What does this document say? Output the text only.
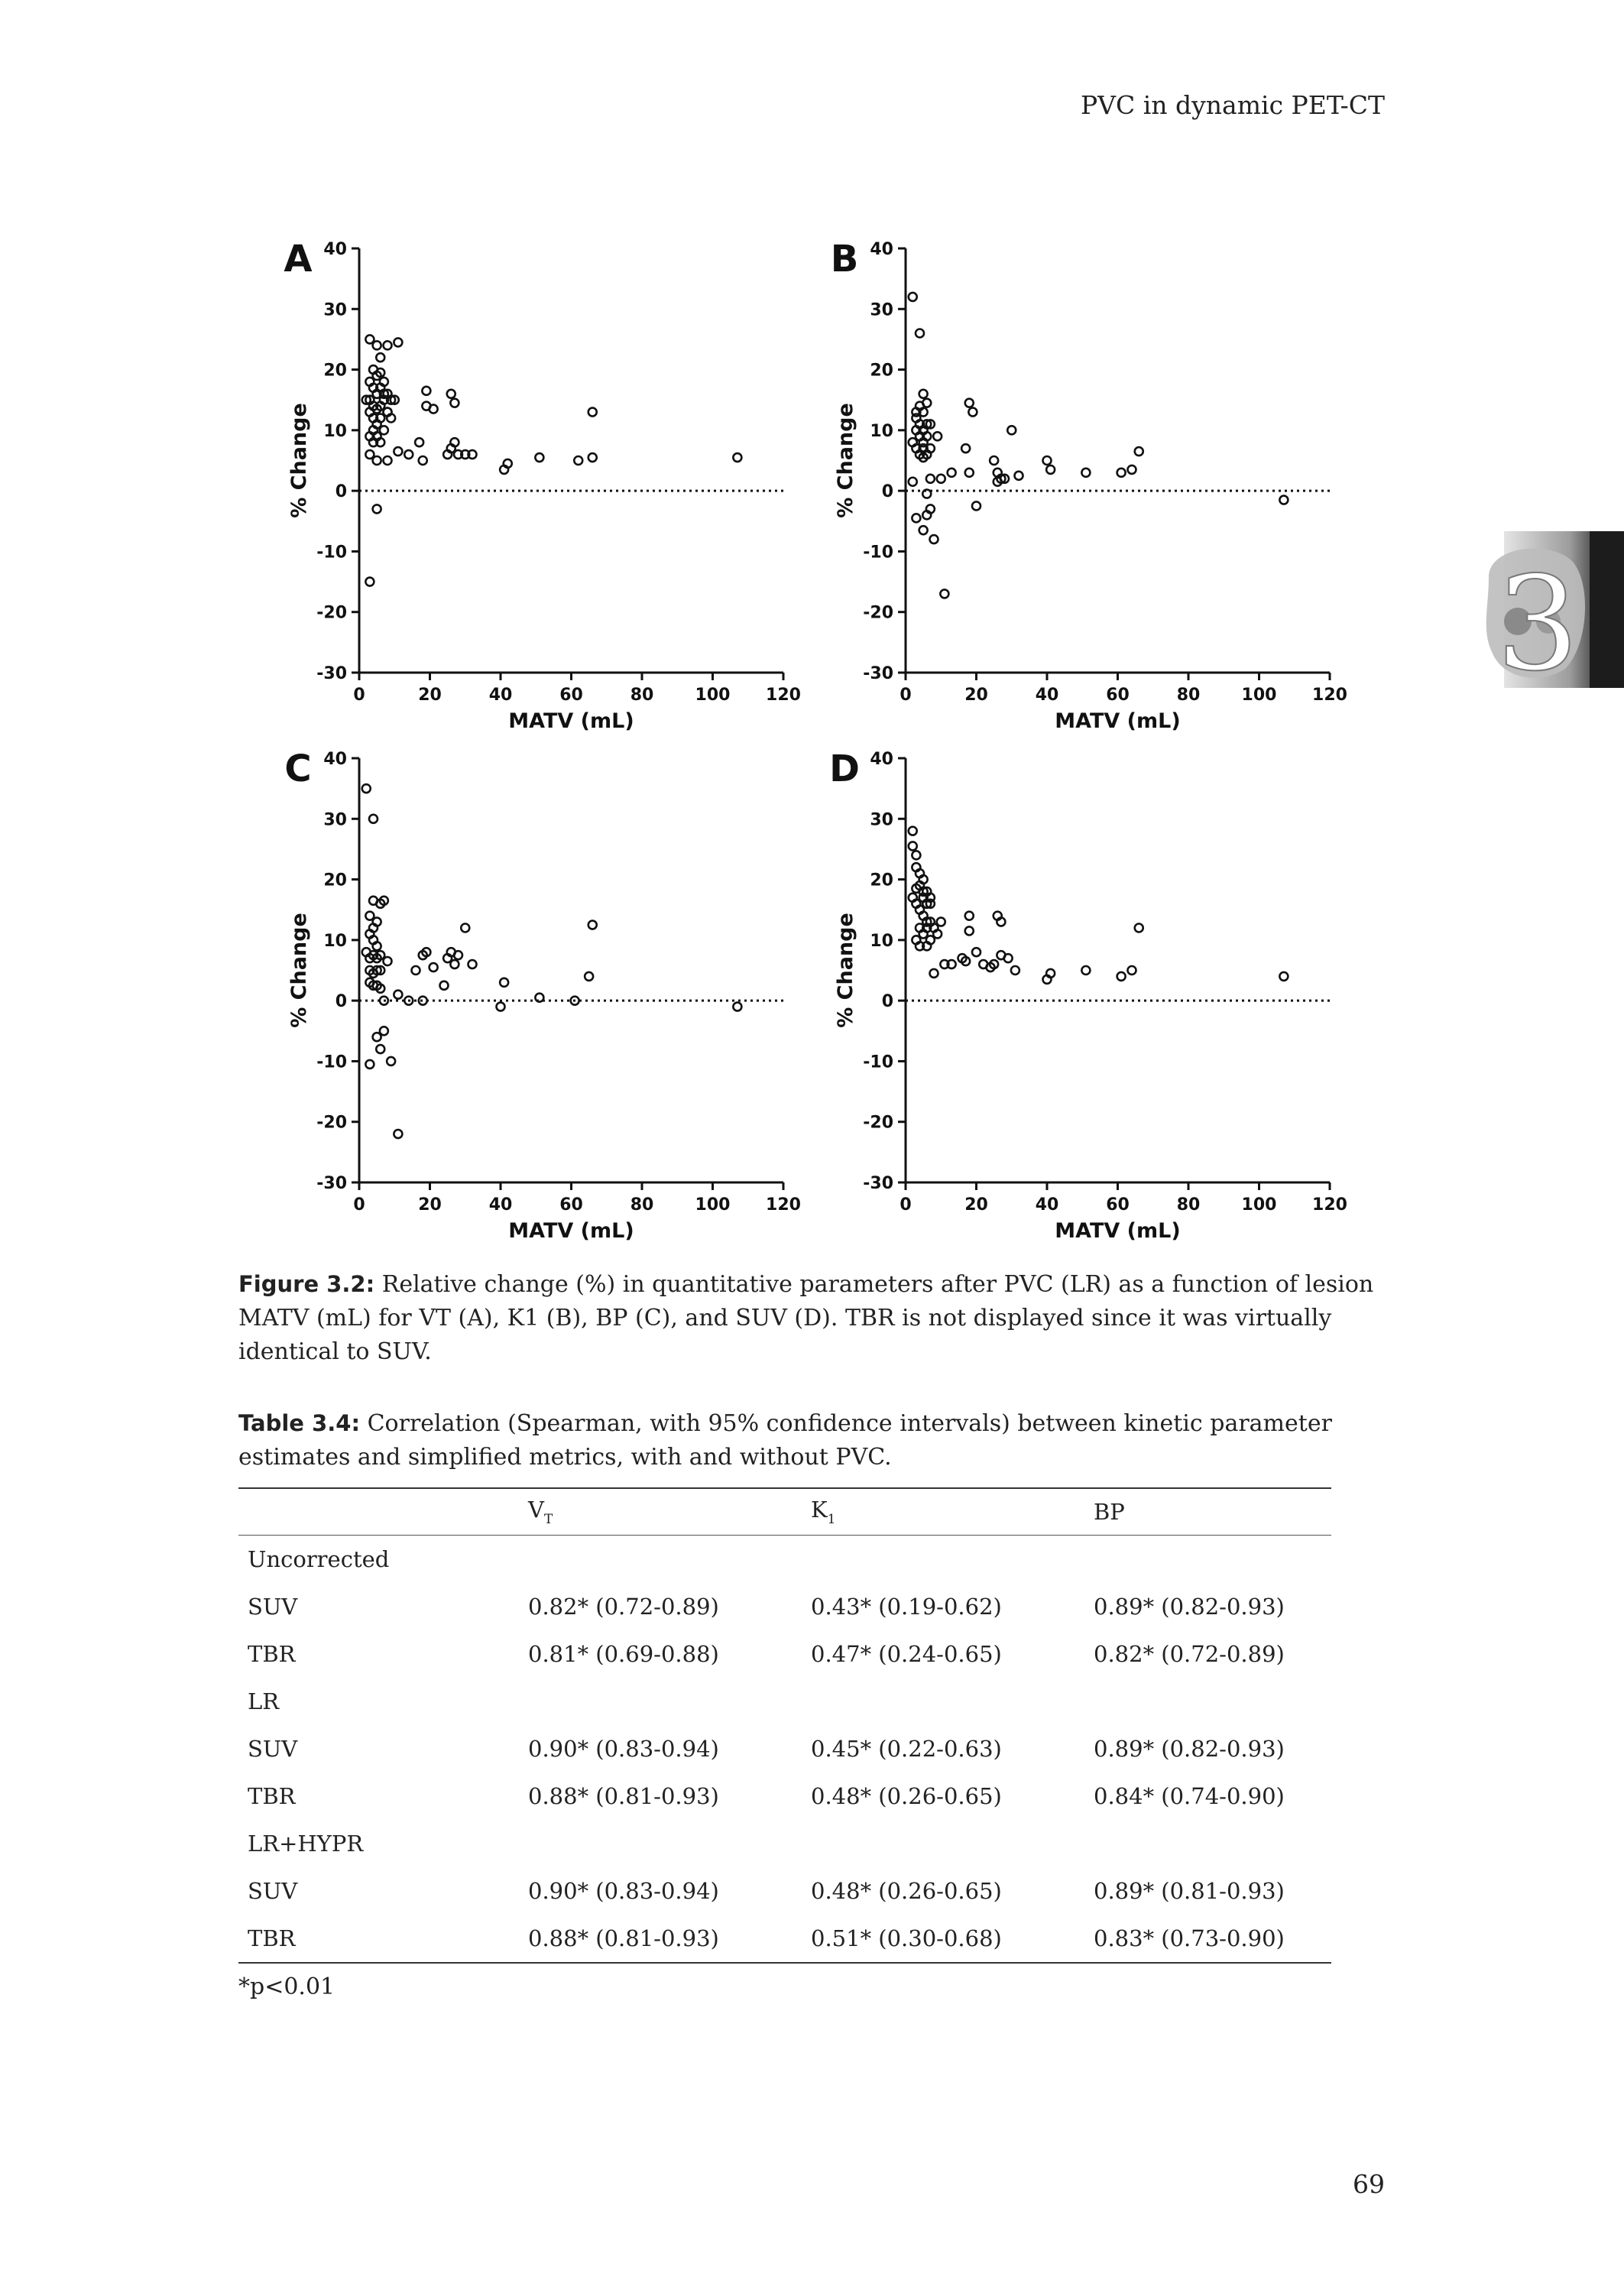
PVC in dynamic PET-CT
3
-30
-20
-10
0
10
20
30
40
0	20	40	60	80 100 120
MATV (mL)
% Change
A
-30
-20
-10
0
10
20
30
40
0	20	40	60	80 100 120
MATV (mL)
% Change
B
-30
-20
-10
0
10
20
30
40
0	20	40	60	80 100 120
MATV (mL)
% Change
C
-30
-20
-10
0
10
20
30
40
0	20	40	60	80 100 120
MATV (mL)
% Change
D
Figure 3.2: Relative change (%) in quantitative parameters after PVC (LR) as a function of lesion MATV (mL) for VT (A), K1 (B), BP (C), and SUV (D). TBR is not displayed since it was virtually identical to SUV.
Table 3.4: Correlation (Spearman, with 95% confidence intervals) between kinetic parameter estimates and simplified metrics, with and without PVC.
	$V_T$	$K_1$	BP
Uncorrected			
SUV	0.82* (0.72-0.89)	0.43* (0.19-0.62)	0.89* (0.82-0.93)
TBR	0.81* (0.69-0.88)	0.47* (0.24-0.65)	0.82* (0.72-0.89)
LR			
SUV	0.90* (0.83-0.94)	0.45* (0.22-0.63)	0.89* (0.82-0.93)
TBR	0.88* (0.81-0.93)	0.48* (0.26-0.65)	0.84* (0.74-0.90)
LR+HYPR			
SUV	0.90* (0.83-0.94)	0.48* (0.26-0.65)	0.89* (0.81-0.93)
TBR	0.88* (0.81-0.93)	0.51* (0.30-0.68)	0.83* (0.73-0.90)
*p<0.01
69
